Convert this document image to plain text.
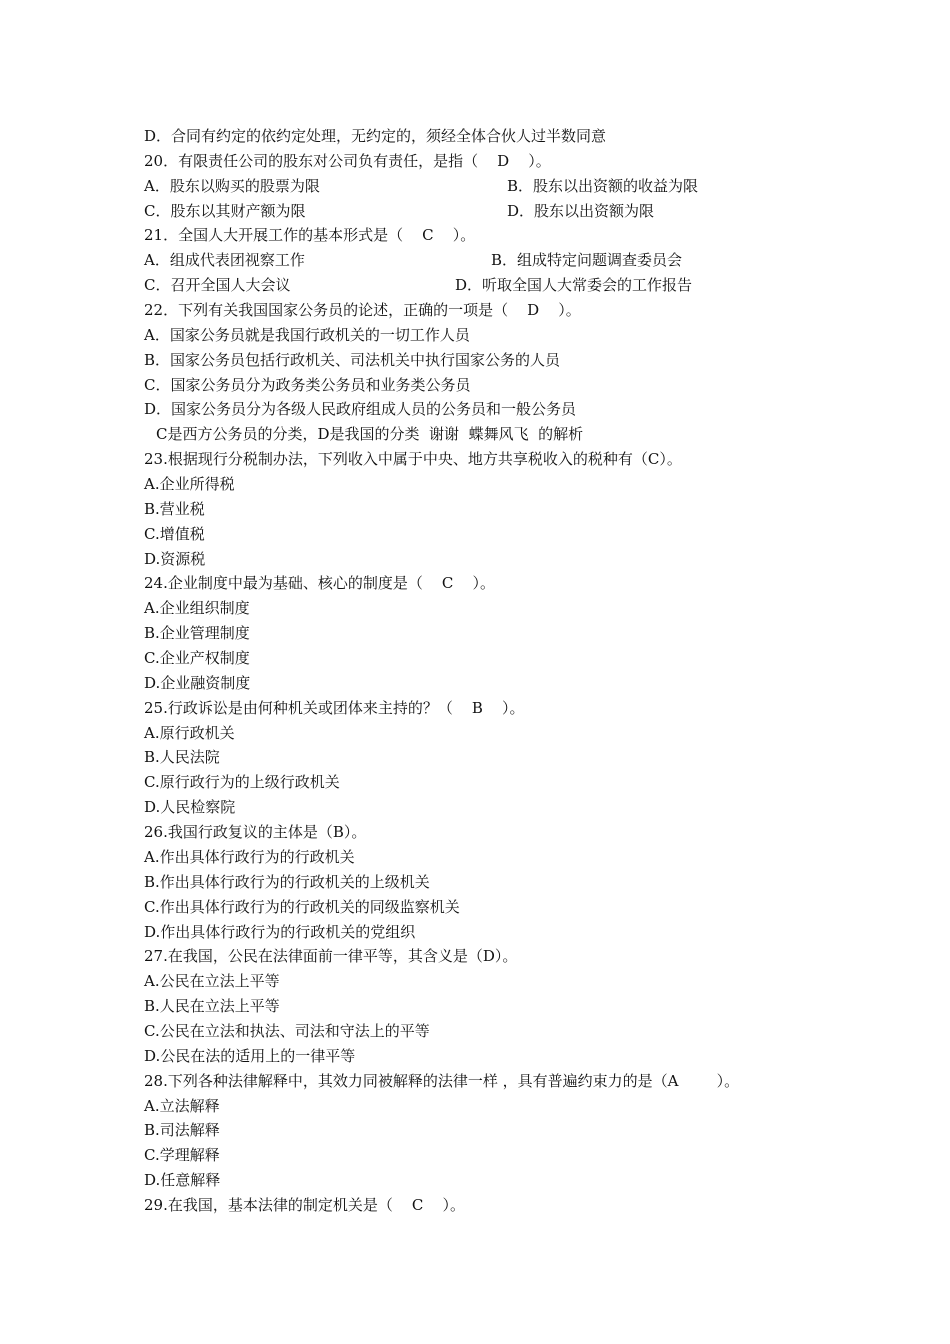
D．合同有约定的依约定处理，无约定的，须经全体合伙人过半数同意
20．有限责任公司的股东对公司负有责任，是指（    D    ）。
A．股东以购买的股票为限	B．股东以出资额的收益为限
C．股东以其财产额为限	D．股东以出资额为限
21．全国人大开展工作的基本形式是（    C    ）。
A．组成代表团视察工作	B．组成特定问题调查委员会
C．召开全国人大会议	D．听取全国人大常委会的工作报告
22．下列有关我国国家公务员的论述，正确的一项是（    D    ）。
A．国家公务员就是我国行政机关的一切工作人员
B．国家公务员包括行政机关、司法机关中执行国家公务的人员
C．国家公务员分为政务类公务员和业务类公务员
D．国家公务员分为各级人民政府组成人员的公务员和一般公务员
C是西方公务员的分类，D是我国的分类  谢谢  蝶舞风飞  的解析
23.根据现行分税制办法，下列收入中属于中央、地方共享税收入的税种有（C）。
A.企业所得税
B.营业税
C.增值税
D.资源税
24.企业制度中最为基础、核心的制度是（    C    ）。
A.企业组织制度
B.企业管理制度
C.企业产权制度
D.企业融资制度
25.行政诉讼是由何种机关或团体来主持的？（    B    ）。
A.原行政机关
B.人民法院
C.原行政行为的上级行政机关
D.人民检察院
26.我国行政复议的主体是（B）。
A.作出具体行政行为的行政机关
B.作出具体行政行为的行政机关的上级机关
C.作出具体行政行为的行政机关的同级监察机关
D.作出具体行政行为的行政机关的党组织
27.在我国，公民在法律面前一律平等，其含义是（D）。
A.公民在立法上平等
B.人民在立法上平等
C.公民在立法和执法、司法和守法上的平等
D.公民在法的适用上的一律平等
28.下列各种法律解释中，其效力同被解释的法律一样 ，具有普遍约束力的是（A        ）。
A.立法解释
B.司法解释
C.学理解释
D.任意解释
29.在我国，基本法律的制定机关是（    C    ）。
